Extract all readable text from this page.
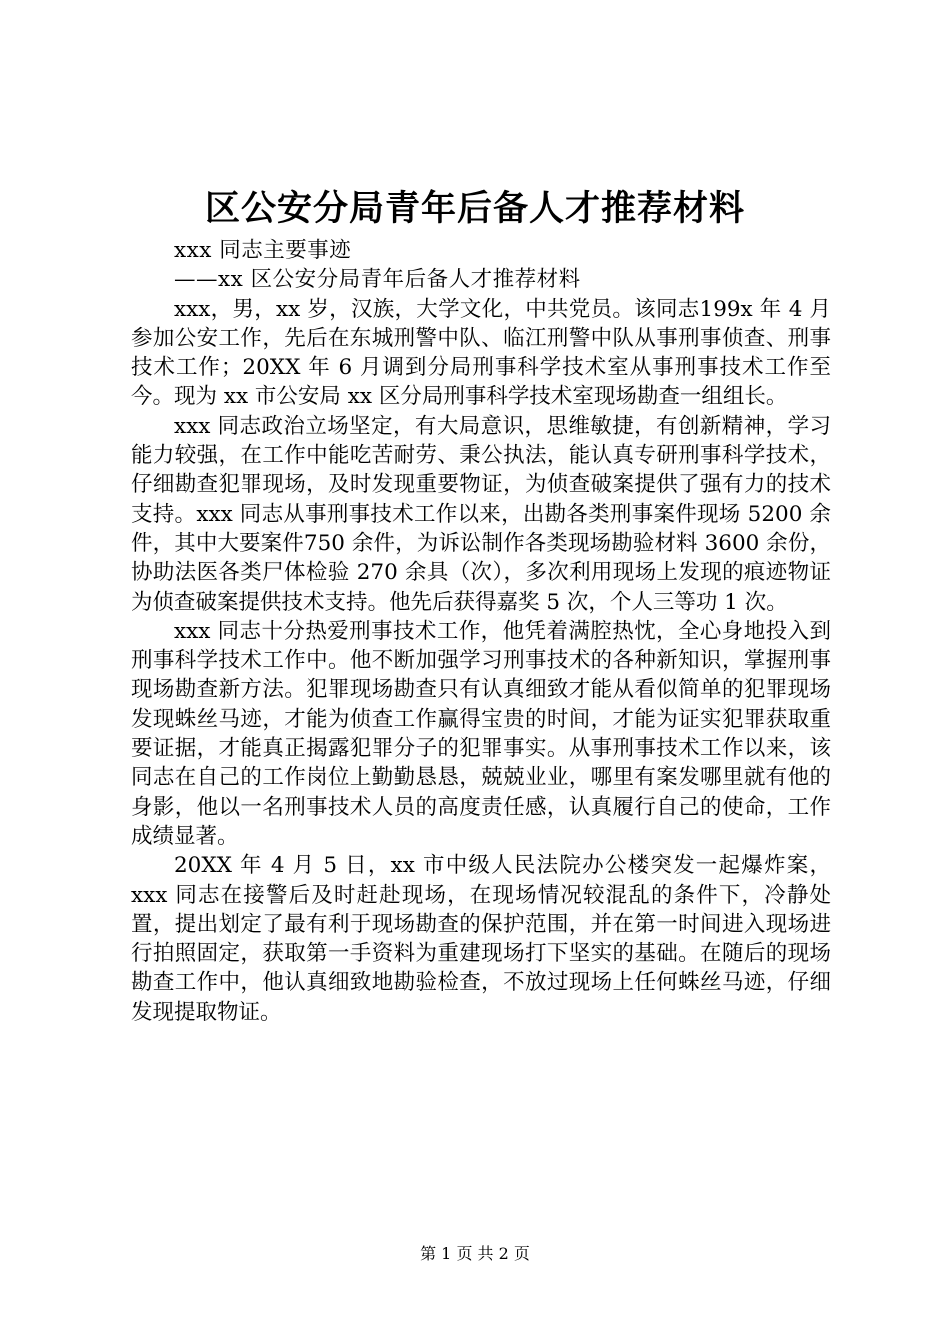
区公安分局青年后备人才推荐材料

xxx 同志主要事迹

——xx 区公安分局青年后备人才推荐材料

xxx，男，xx 岁，汉族，大学文化，中共党员。该同志199x 年 4 月参加公安工作，先后在东城刑警中队、临江刑警中队从事刑事侦查、刑事技术工作；20XX 年 6 月调到分局刑事科学技术室从事刑事技术工作至今。现为 xx 市公安局 xx 区分局刑事科学技术室现场勘查一组组长。

xxx 同志政治立场坚定，有大局意识，思维敏捷，有创新精神，学习能力较强，在工作中能吃苦耐劳、秉公执法，能认真专研刑事科学技术，仔细勘查犯罪现场，及时发现重要物证，为侦查破案提供了强有力的技术支持。xxx 同志从事刑事技术工作以来，出勘各类刑事案件现场 5200 余件，其中大要案件750 余件，为诉讼制作各类现场勘验材料 3600 余份，协助法医各类尸体检验 270 余具（次），多次利用现场上发现的痕迹物证为侦查破案提供技术支持。他先后获得嘉奖 5 次，个人三等功 1 次。

xxx 同志十分热爱刑事技术工作，他凭着满腔热忱，全心身地投入到刑事科学技术工作中。他不断加强学习刑事技术的各种新知识，掌握刑事现场勘查新方法。犯罪现场勘查只有认真细致才能从看似简单的犯罪现场发现蛛丝马迹，才能为侦查工作赢得宝贵的时间，才能为证实犯罪获取重要证据，才能真正揭露犯罪分子的犯罪事实。从事刑事技术工作以来，该同志在自己的工作岗位上勤勤恳恳，兢兢业业，哪里有案发哪里就有他的身影，他以一名刑事技术人员的高度责任感，认真履行自己的使命，工作成绩显著。

20XX 年 4 月 5 日，xx 市中级人民法院办公楼突发一起爆炸案，xxx 同志在接警后及时赶赴现场，在现场情况较混乱的条件下，冷静处置，提出划定了最有利于现场勘查的保护范围，并在第一时间进入现场进行拍照固定，获取第一手资料为重建现场打下坚实的基础。在随后的现场勘查工作中，他认真细致地勘验检查，不放过现场上任何蛛丝马迹，仔细发现提取物证。

第 1 页 共 2 页
